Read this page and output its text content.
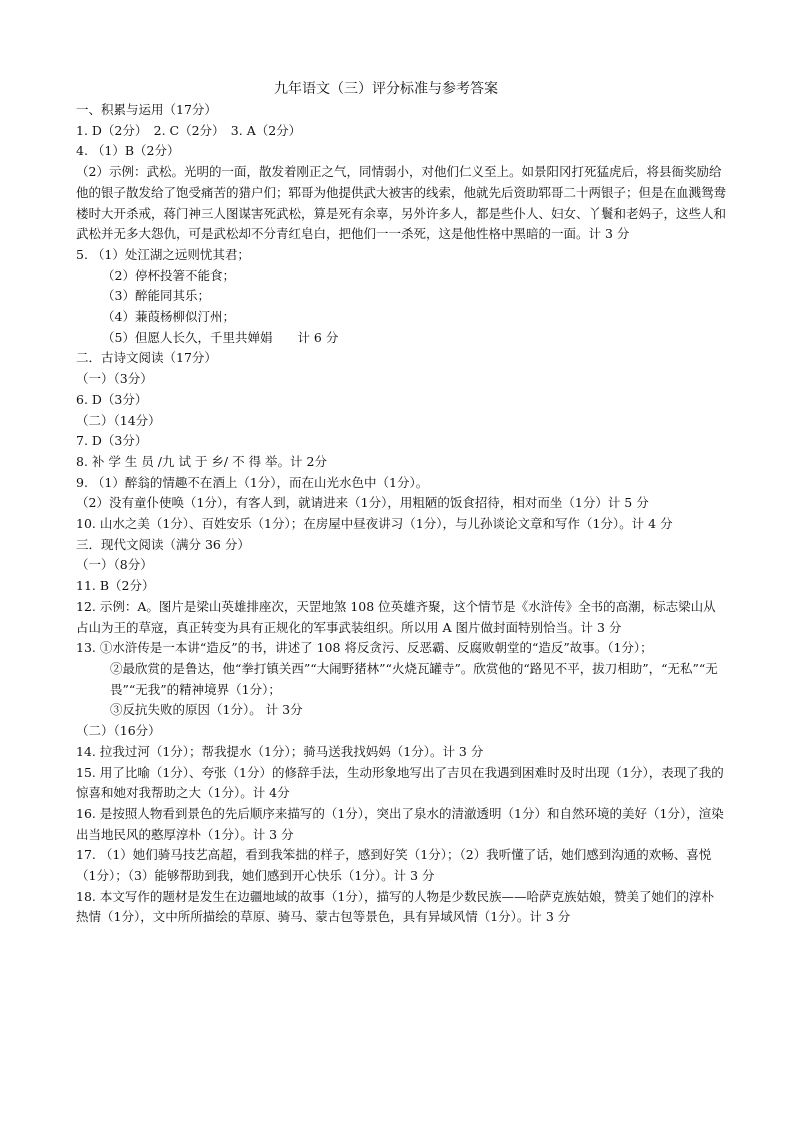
九年语文（三）评分标准与参考答案
一、积累与运用（17分）
1. D（2分）　2. C（2分）　3. A（2分）
4. （1）B（2分）
（2）示例：武松。光明的一面，散发着刚正之气，同情弱小，对他们仁义至上。如景阳冈打死猛虎后，将县衙奖励给他的银子散发给了饱受痛苦的猎户们；郓哥为他提供武大被害的线索，他就先后资助郓哥二十两银子；但是在血溅鸳鸯楼时大开杀戒，蒋门神三人图谋害死武松，算是死有余辜，另外许多人，都是些仆人、妇女、丫鬟和老妈子，这些人和武松并无多大怨仇，可是武松却不分青红皂白，把他们一一杀死，这是他性格中黑暗的一面。计 3 分
5. （1）处江湖之远则忧其君；
（2）停杯投箸不能食；
（3）醉能同其乐；
（4）蒹葭杨柳似汀州；
（5）但愿人长久，千里共婵娟　　计 6 分
二．古诗文阅读（17分）
（一）（3分）
6. D（3分）
（二）（14分）
7. D（3分）
8. 补 学 生 员 /九 试 于 乡/ 不 得 举。计 2分
9. （1）醉翁的情趣不在酒上（1分），而在山光水色中（1分）。
（2）没有童仆使唤（1分），有客人到，就请进来（1分），用粗陋的饭食招待，相对而坐（1分）计 5 分
10. 山水之美（1分）、百姓安乐（1分）；在房屋中昼夜讲习（1分），与儿孙谈论文章和写作（1分）。计 4 分
三．现代文阅读（满分 36 分）
（一）（8分）
11. B（2分）
12. 示例：A。图片是梁山英雄排座次，天罡地煞 108 位英雄齐聚，这个情节是《水浒传》全书的高潮，标志梁山从占山为王的草寇，真正转变为具有正规化的军事武装组织。所以用 A 图片做封面特别恰当。计 3 分
13. ①水浒传是一本讲“造反”的书，讲述了 108 将反贪污、反恶霸、反腐败朝堂的“造反”故事。（1分）；
②最欣赏的是鲁达，他“拳打镇关西”“大闹野猪林”“火烧瓦罐寺”。欣赏他的“路见不平，拔刀相助”，“无私”“无畏”“无我”的精神境界（1分）；
③反抗失败的原因（1分）。 计 3分
（二）（16分）
14. 拉我过河（1分）；帮我提水（1分）；骑马送我找妈妈（1分）。计 3 分
15. 用了比喻（1分）、夸张（1分）的修辞手法，生动形象地写出了吉贝在我遇到困难时及时出现（1分），表现了我的惊喜和她对我帮助之大（1分）。计 4分
16. 是按照人物看到景色的先后顺序来描写的（1分），突出了泉水的清澈透明（1分）和自然环境的美好（1分），渲染出当地民风的憨厚淳朴（1分）。计 3 分
17. （1）她们骑马技艺高超，看到我笨拙的样子，感到好笑（1分）；（2）我听懂了话，她们感到沟通的欢畅、喜悦（1分）；（3）能够帮助到我，她们感到开心快乐（1分）。计 3 分
18. 本文写作的题材是发生在边疆地域的故事（1分），描写的人物是少数民族——哈萨克族姑娘，赞美了她们的淳朴热情（1分），文中所所描绘的草原、骑马、蒙古包等景色，具有异域风情（1分）。计 3 分
